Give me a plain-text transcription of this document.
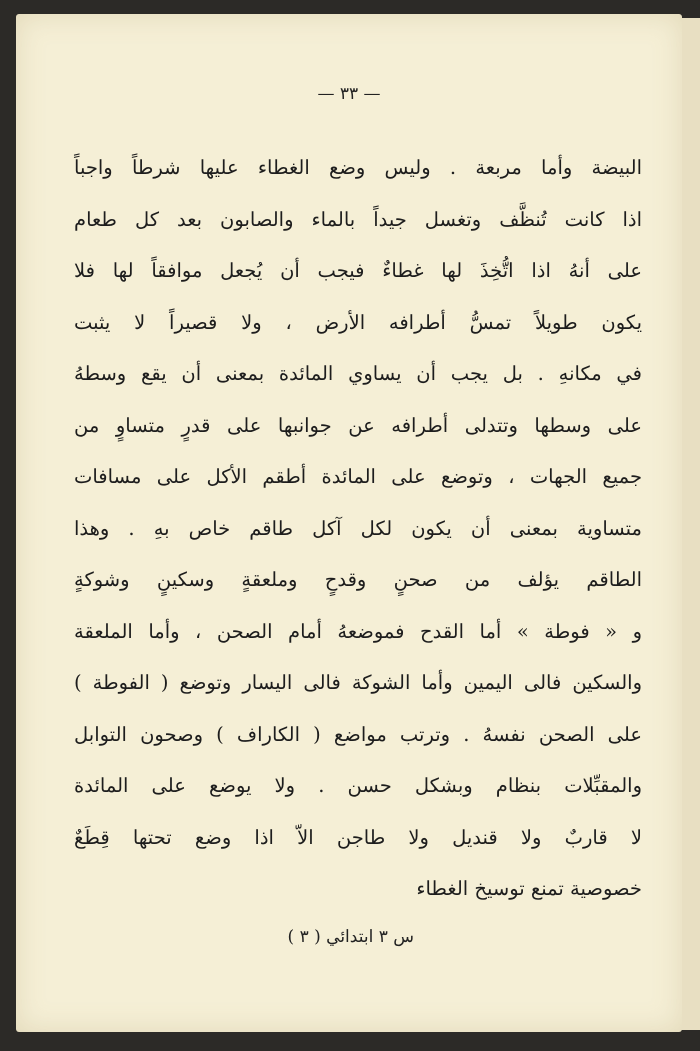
— ٣٣ —
البيضة وأما مربعة . وليس وضع الغطاء عليها شرطاً واجباً
اذا كانت تُنظَّف وتغسل جيداً بالماء والصابون بعد كل طعام
على أنهُ اذا اتُّخِذَ لها غطاءٌ فيجب أن يُجعل موافقاً لها فلا
يكون طويلاً تمسُّ أطرافه الأرض ، ولا قصيراً لا يثبت
في مكانهِ . بل يجب أن يساوي المائدة بمعنى أن يقع وسطهُ
على وسطها وتتدلى أطرافه عن جوانبها على قدرٍ متساوٍ من
جميع الجهات ، وتوضع على المائدة أطقم الأكل على مسافات
متساوية بمعنى أن يكون لكل آكل طاقم خاص بهِ . وهذا
الطاقم يؤلف من صحنٍ وقدحٍ وملعقةٍ وسكينٍ وشوكةٍ
و « فوطة » أما القدح فموضعهُ أمام الصحن ، وأما الملعقة
والسكين فالى اليمين وأما الشوكة فالى اليسار وتوضع ( الفوطة )
على الصحن نفسهُ . وترتب مواضع ( الكاراف ) وصحون التوابل
والمقبِّلات بنظام وبشكل حسن . ولا يوضع على المائدة
لا قاربٌ ولا قنديل ولا طاجن الاّ اذا وضع تحتها قِطَعٌ
خصوصية تمنع توسيخ الغطاء
س ٣ ابتدائي ( ٣ )
